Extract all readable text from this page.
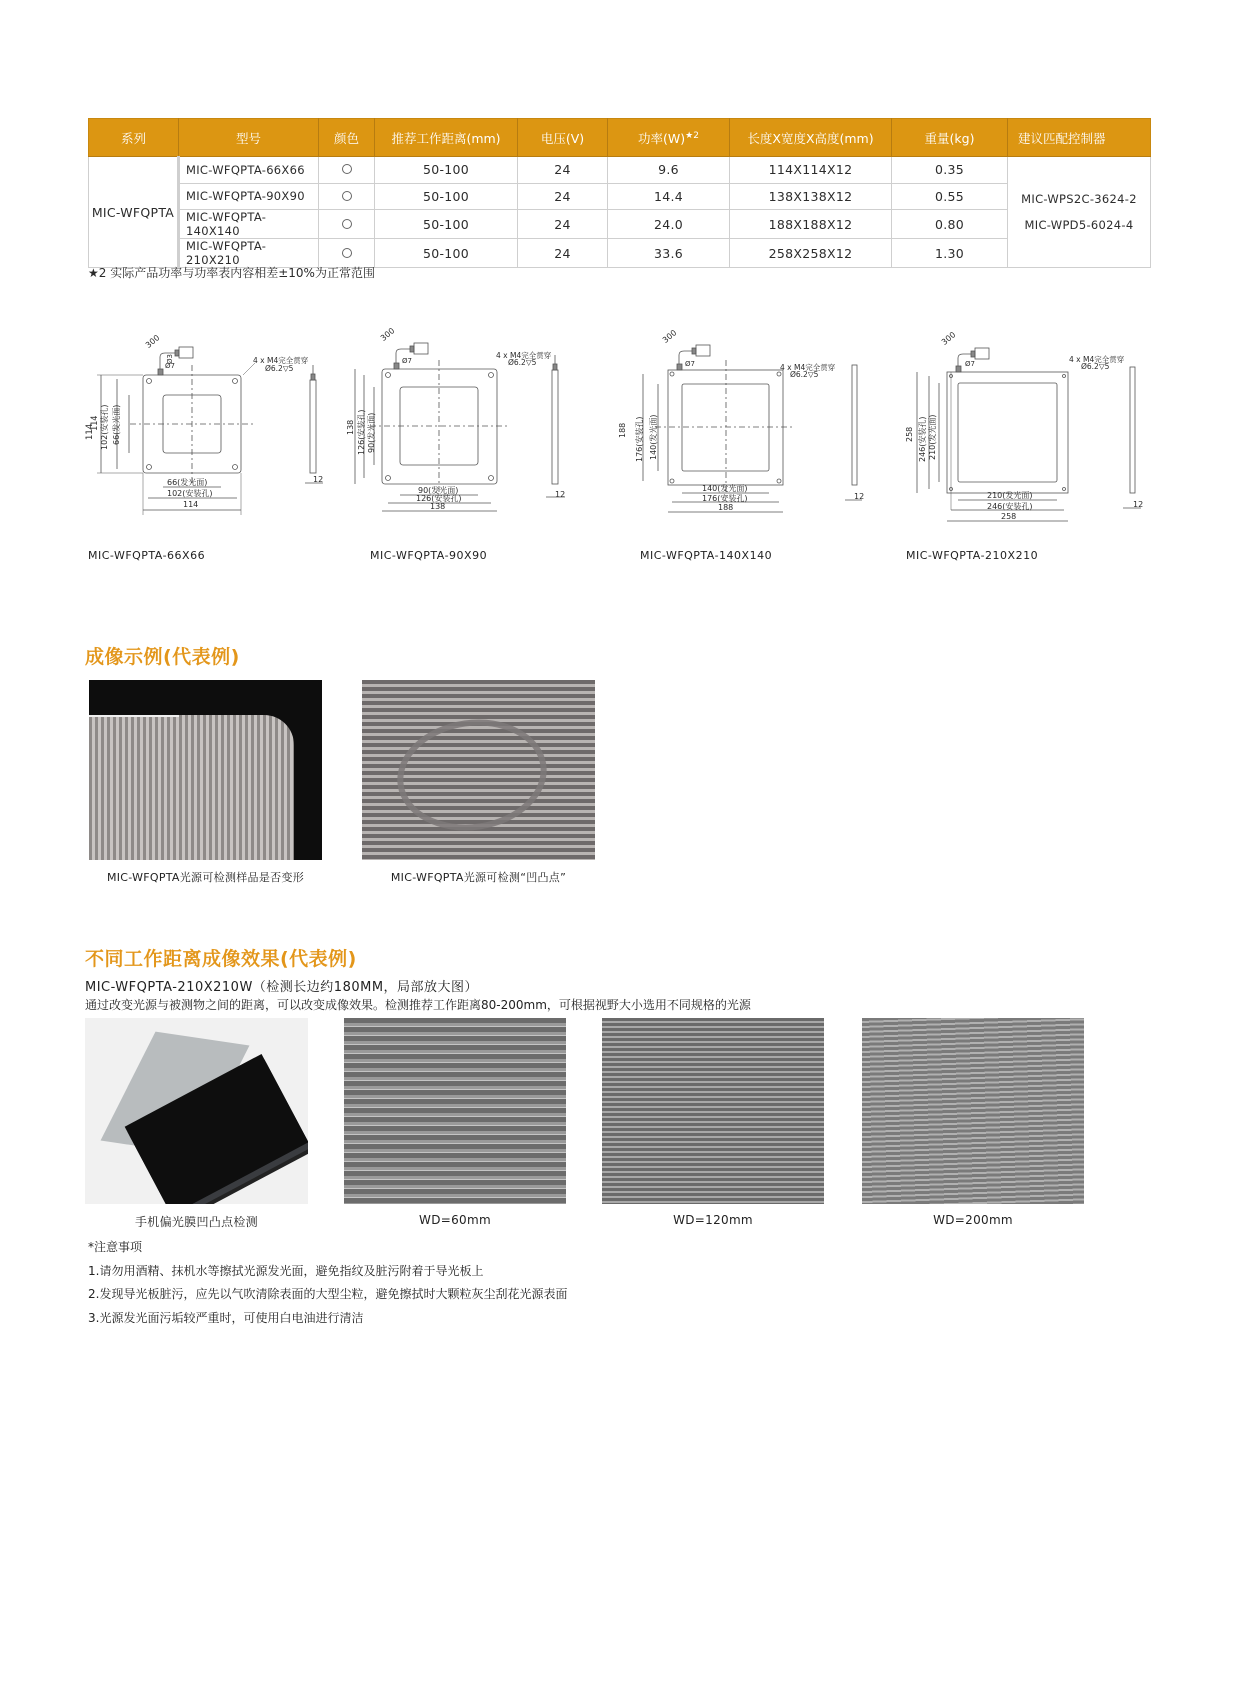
系列	型号	颜色	推荐工作距离(mm)	电压(V)	功率$(W)^{★2}$	长度X宽度X高度(mm)	重量(kg)	建议匹配控制器
MIC-WFQPTA	MIC-WFQPTA-66X66		50-100	24	9.6	114X114X12	0.35	MIC-WPS2C-3624-2
MIC-WPD5-6024-4

	MIC-WFQPTA-90X90		50-100	24	14.4	138X138X12	0.55	
	MIC-WFQPTA-140X140		50-100	24	24.0	188X188X12	0.80	
	MIC-WFQPTA-210X210		50-100	24	33.6	258X258X12	1.30	
★2 实际产品功率与功率表内容相差±10%为正常范围
114
114 102(安装孔) 66(发光面)
66(发光面)
102(安装孔)
114
300
Ø3
Ø7
4 x M4完全贯穿
Ø6.2▽5
12
138 126(安装孔) 90(发光面)
90(发光面)
126(安装孔)
138
300
Ø7
4 x M4完全贯穿
Ø6.2▽5
12
188 176(安装孔) 140(发光面)
140(发光面)
176(安装孔)
188
300
Ø7	4 x M4完全贯穿
Ø6.2▽5
12
258 246(安装孔) 210(发光面)
210(发光面)
246(安装孔)
258
300
Ø7	4 x M4完全贯穿
Ø6.2▽5
12
MIC-WFQPTA-66X66	MIC-WFQPTA-90X90	MIC-WFQPTA-140X140	MIC-WFQPTA-210X210
成像示例(代表例)
MIC-WFQPTA光源可检测样品是否变形	MIC-WFQPTA光源可检测“凹凸点”
不同工作距离成像效果(代表例)
MIC-WFQPTA-210X210W（检测长边约180MM，局部放大图）
通过改变光源与被测物之间的距离，可以改变成像效果。检测推荐工作距离80-200mm，可根据视野大小选用不同规格的光源
手机偏光膜凹凸点检测	WD=60mm	WD=120mm	WD=200mm
*注意事项
1.请勿用酒精、抹机水等擦拭光源发光面，避免指纹及脏污附着于导光板上
2.发现导光板脏污，应先以气吹清除表面的大型尘粒，避免擦拭时大颗粒灰尘刮花光源表面
3.光源发光面污垢较严重时，可使用白电油进行清洁
